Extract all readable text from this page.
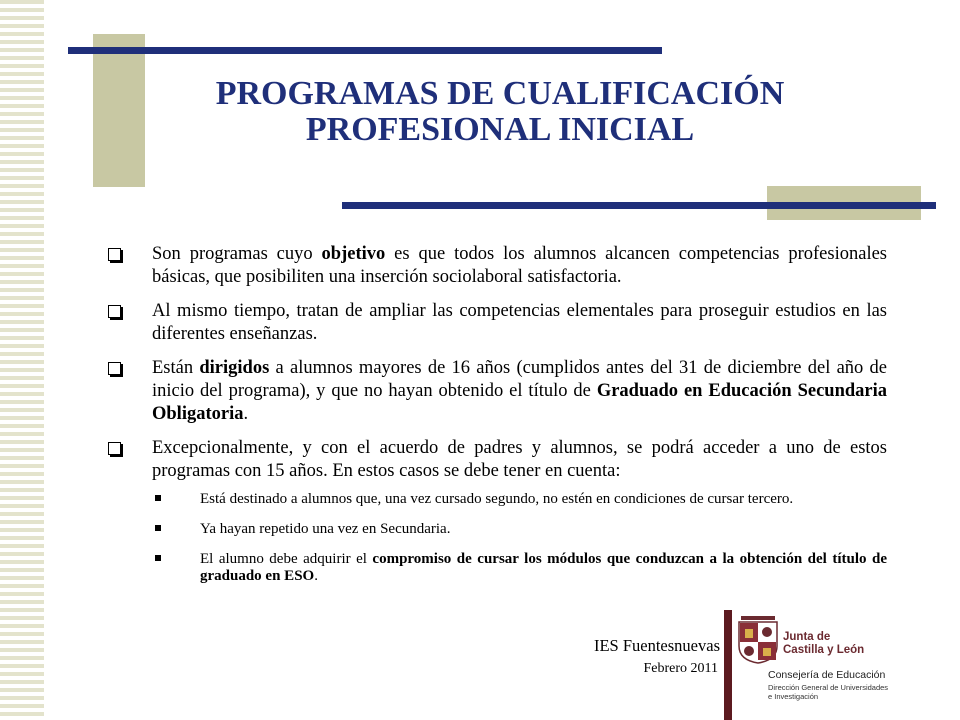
PROGRAMAS DE CUALIFICACIÓN
PROFESIONAL INICIAL
Son programas cuyo objetivo es que todos los alumnos alcancen competencias profesionales básicas, que posibiliten una inserción sociolaboral satisfactoria.
Al mismo tiempo, tratan de ampliar las competencias elementales para proseguir estudios en las diferentes enseñanzas.
Están dirigidos a alumnos mayores de 16 años (cumplidos antes del 31 de diciembre del año de inicio del programa), y que no hayan obtenido el título de Graduado en Educación Secundaria Obligatoria.
Excepcionalmente, y con el acuerdo de padres y alumnos, se podrá acceder a uno de estos programas con 15 años. En estos casos se debe tener en cuenta:
Está destinado a alumnos que, una vez cursado segundo, no estén en condiciones de cursar tercero.
Ya hayan repetido una vez en Secundaria.
El alumno debe adquirir el compromiso de cursar los módulos que conduzcan a la obtención del título de graduado en ESO.
IES Fuentesnuevas
Febrero 2011
Junta de
Castilla y León
Consejería de Educación
Dirección General de Universidades
e Investigación
